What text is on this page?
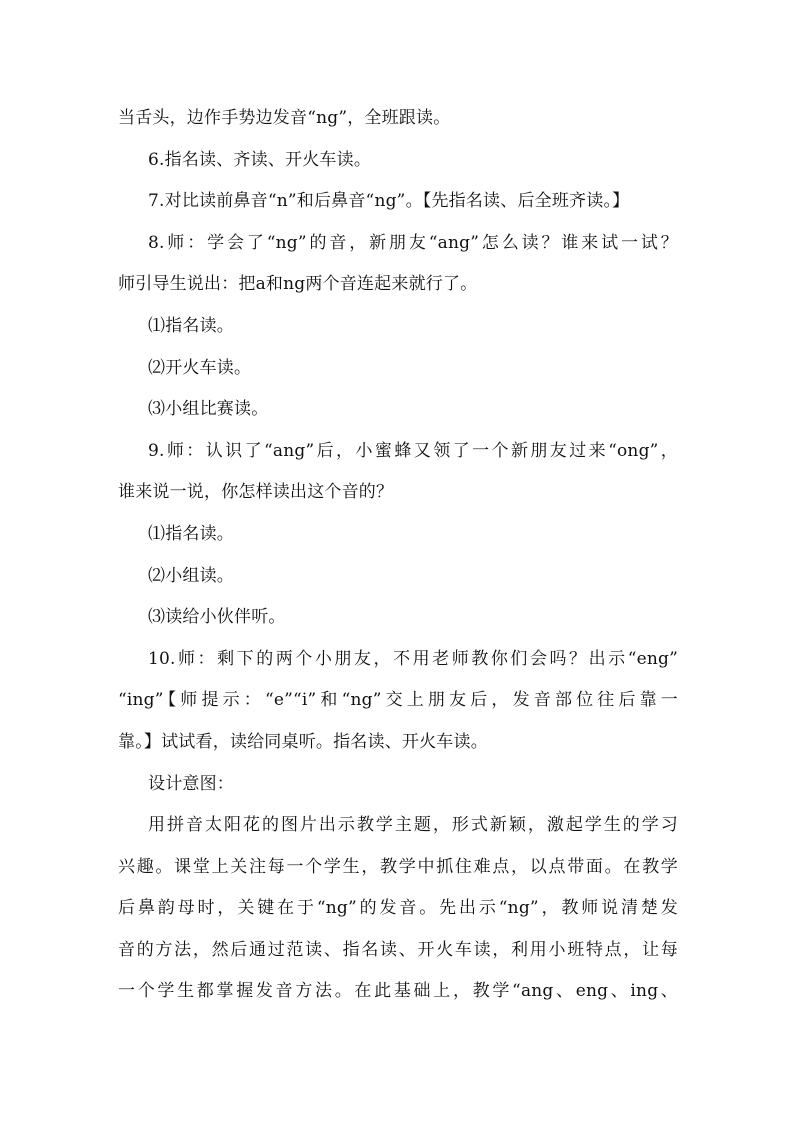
当舌头，边作手势边发音“ng”，全班跟读。
6.指名读、齐读、开火车读。
7.对比读前鼻音“n”和后鼻音“ng”。【先指名读、后全班齐读。】
8.师：学会了“ng”的音，新朋友“ang”怎么读？谁来试一试？
师引导生说出：把a和ng两个音连起来就行了。
⑴指名读。
⑵开火车读。
⑶小组比赛读。
9.师：认识了“ang”后，小蜜蜂又领了一个新朋友过来“ong”，
谁来说一说，你怎样读出这个音的？
⑴指名读。
⑵小组读。
⑶读给小伙伴听。
10.师：剩下的两个小朋友，不用老师教你们会吗？出示“eng”
“ing”【师提示：“e”“i”和“ng”交上朋友后，发音部位往后靠一
靠。】试试看，读给同桌听。指名读、开火车读。
设计意图：
用拼音太阳花的图片出示教学主题，形式新颖，激起学生的学习
兴趣。课堂上关注每一个学生，教学中抓住难点，以点带面。在教学
后鼻韵母时，关键在于“ng”的发音。先出示“ng”，教师说清楚发
音的方法，然后通过范读、指名读、开火车读，利用小班特点，让每
一个学生都掌握发音方法。在此基础上，教学“ang、eng、ing、
